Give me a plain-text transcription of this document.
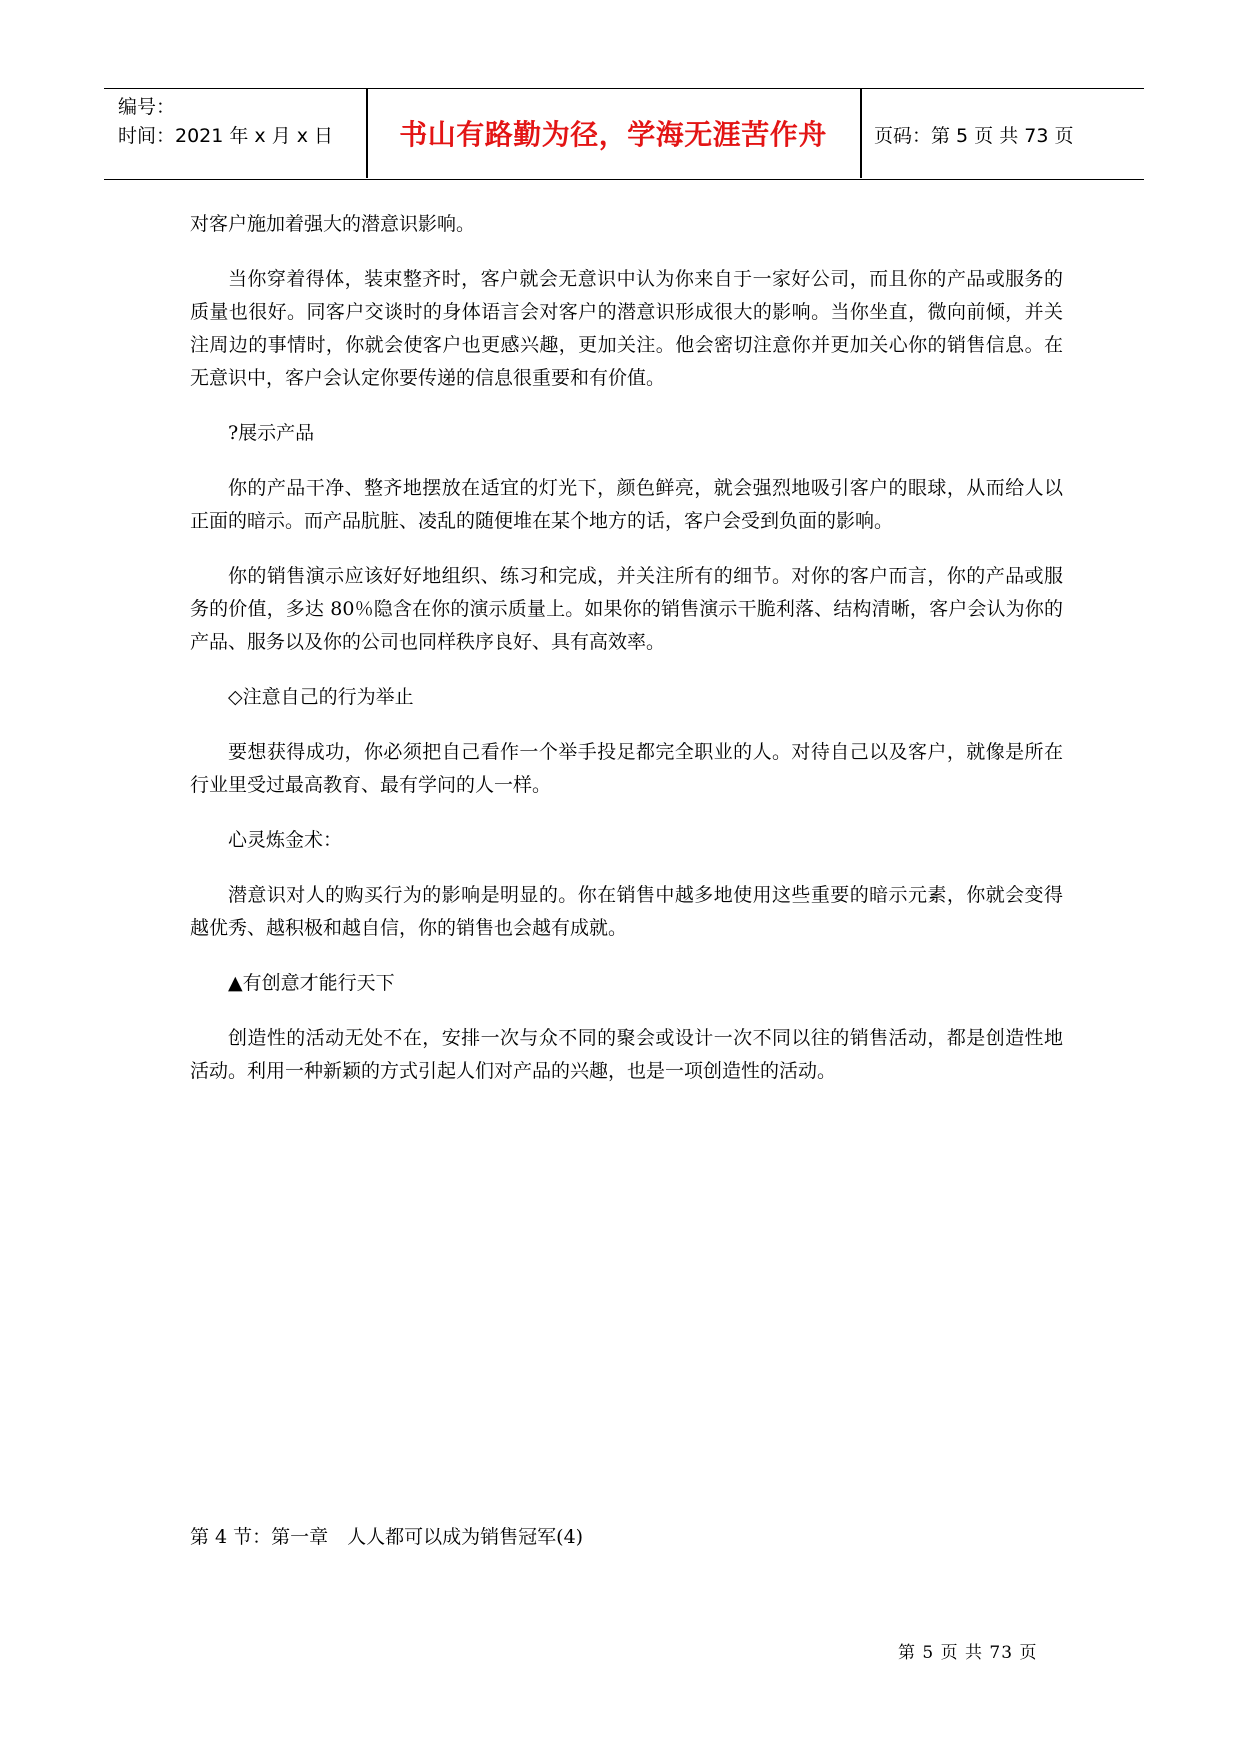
编号：
时间：2021 年 x 月 x 日	书山有路勤为径，学海无涯苦作舟	页码：第 5 页 共 73 页

对客户施加着强大的潜意识影响。

当你穿着得体，装束整齐时，客户就会无意识中认为你来自于一家好公司，而且你的产品或服务的质量也很好。同客户交谈时的身体语言会对客户的潜意识形成很大的影响。当你坐直，微向前倾，并关注周边的事情时，你就会使客户也更感兴趣，更加关注。他会密切注意你并更加关心你的销售信息。在无意识中，客户会认定你要传递的信息很重要和有价值。

?展示产品

你的产品干净、整齐地摆放在适宜的灯光下，颜色鲜亮，就会强烈地吸引客户的眼球，从而给人以正面的暗示。而产品肮脏、凌乱的随便堆在某个地方的话，客户会受到负面的影响。

你的销售演示应该好好地组织、练习和完成，并关注所有的细节。对你的客户而言，你的产品或服务的价值，多达 80％隐含在你的演示质量上。如果你的销售演示干脆利落、结构清晰，客户会认为你的产品、服务以及你的公司也同样秩序良好、具有高效率。

◇注意自己的行为举止

要想获得成功，你必须把自己看作一个举手投足都完全职业的人。对待自己以及客户，就像是所在行业里受过最高教育、最有学问的人一样。

心灵炼金术：

潜意识对人的购买行为的影响是明显的。你在销售中越多地使用这些重要的暗示元素，你就会变得越优秀、越积极和越自信，你的销售也会越有成就。

▲有创意才能行天下

创造性的活动无处不在，安排一次与众不同的聚会或设计一次不同以往的销售活动，都是创造性地活动。利用一种新颖的方式引起人们对产品的兴趣，也是一项创造性的活动。

第 4 节：第一章　人人都可以成为销售冠军(4)
第 5 页 共 73 页
